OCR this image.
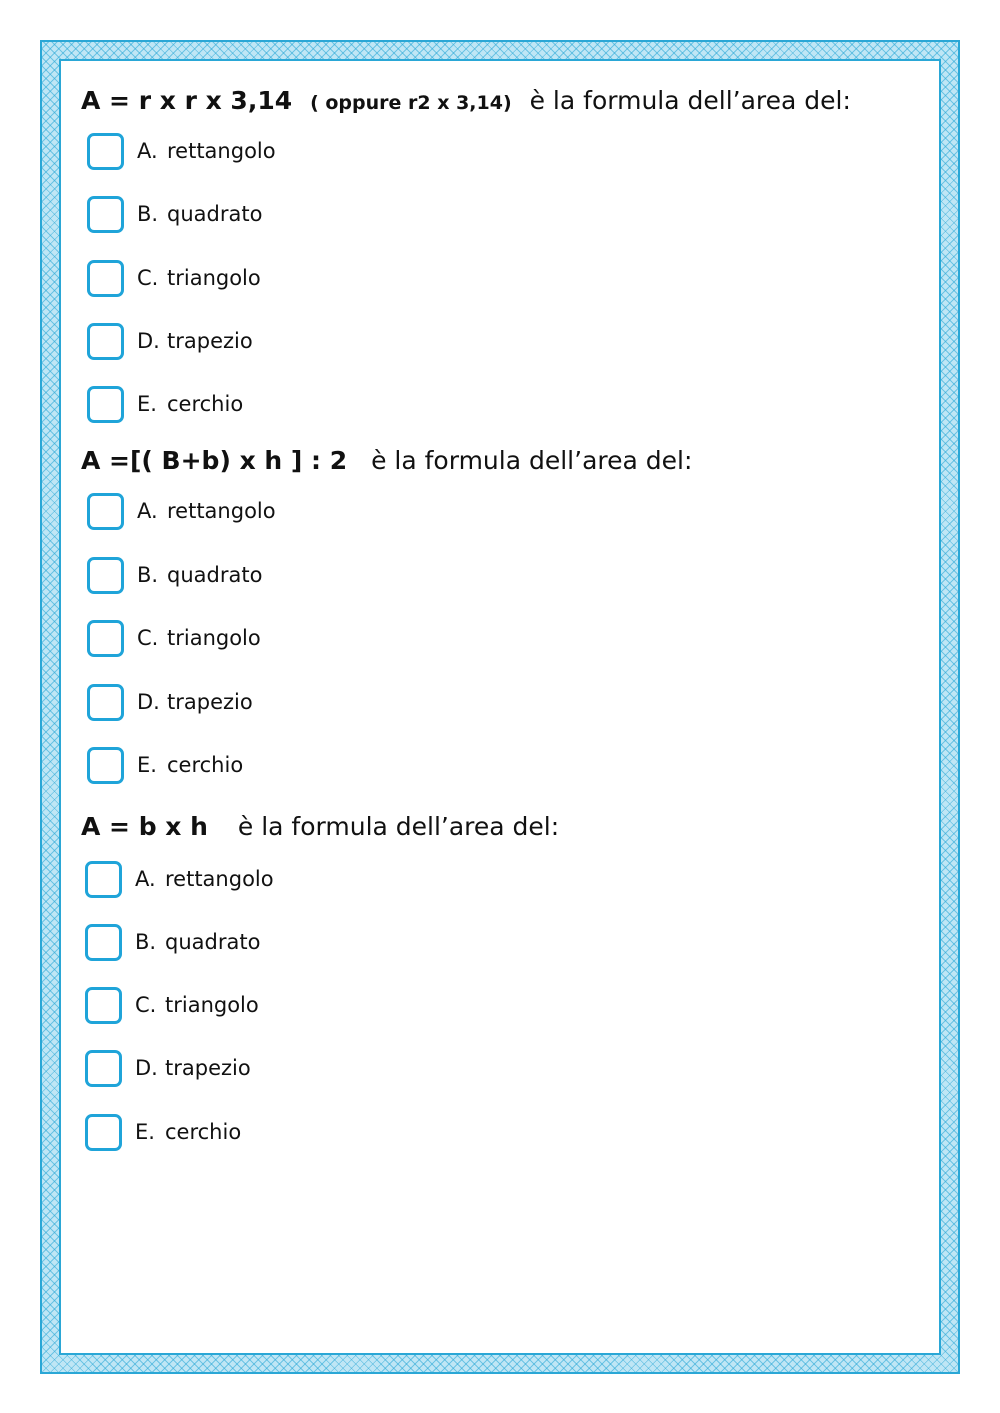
A = r x r x 3,14 ( oppure r2 x 3,14) è la formula dell’area del:
A. rettangolo
B. quadrato
C. triangolo
D. trapezio
E. cerchio
A =[( B+b) x h ] : 2 è la formula dell’area del:
A. rettangolo
B. quadrato
C. triangolo
D. trapezio
E. cerchio
A = b x h è la formula dell’area del:
A. rettangolo
B. quadrato
C. triangolo
D. trapezio
E. cerchio
